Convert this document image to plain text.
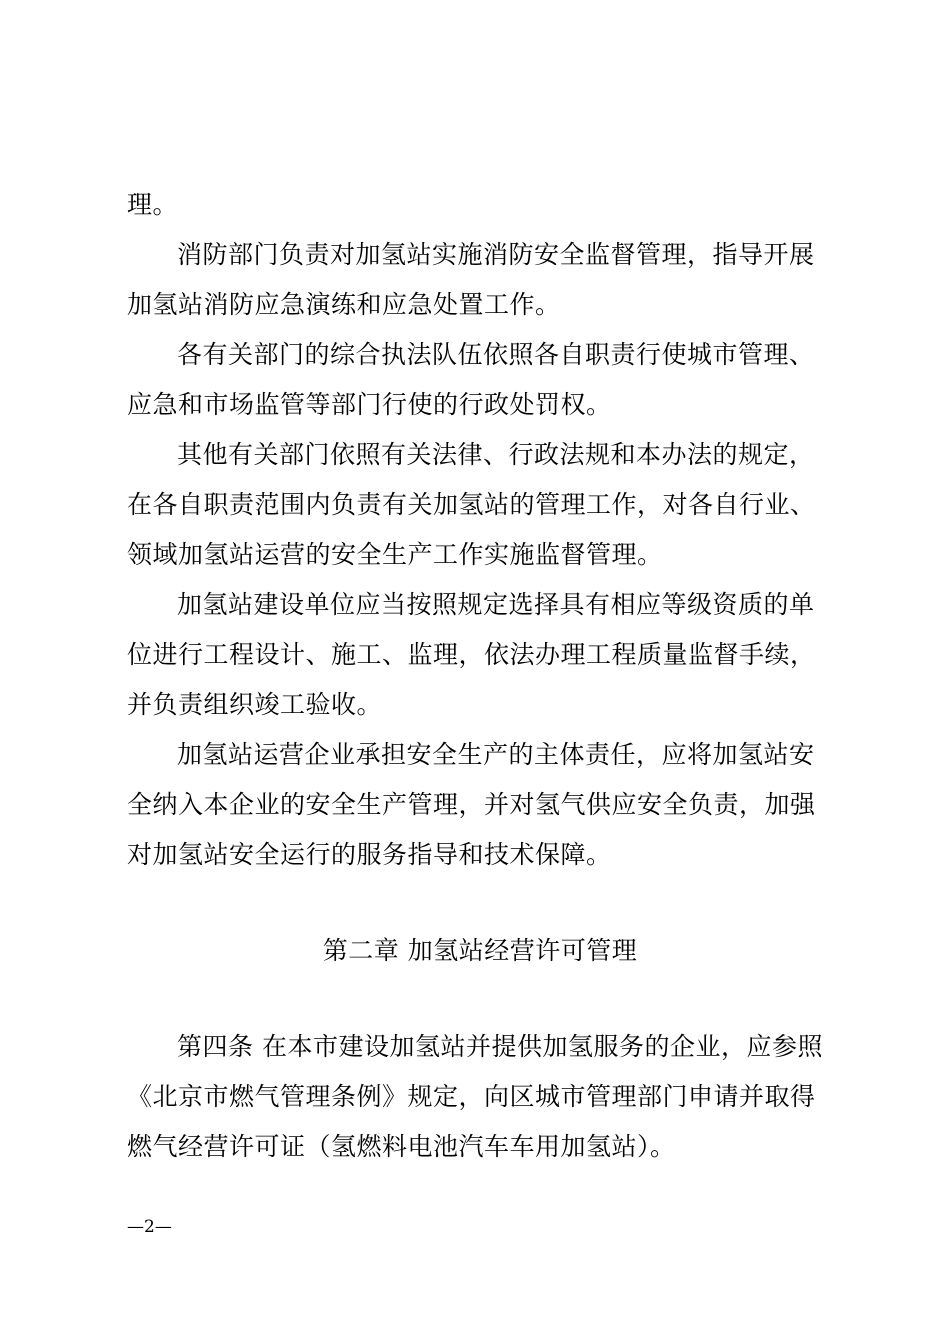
理。
消防部门负责对加氢站实施消防安全监督管理，指导开展
加氢站消防应急演练和应急处置工作。
各有关部门的综合执法队伍依照各自职责行使城市管理、
应急和市场监管等部门行使的行政处罚权。
其他有关部门依照有关法律、行政法规和本办法的规定，
在各自职责范围内负责有关加氢站的管理工作，对各自行业、
领域加氢站运营的安全生产工作实施监督管理。
加氢站建设单位应当按照规定选择具有相应等级资质的单
位进行工程设计、施工、监理，依法办理工程质量监督手续，
并负责组织竣工验收。
加氢站运营企业承担安全生产的主体责任，应将加氢站安
全纳入本企业的安全生产管理，并对氢气供应安全负责，加强
对加氢站安全运行的服务指导和技术保障。
第二章 加氢站经营许可管理
第四条 在本市建设加氢站并提供加氢服务的企业，应参照
《北京市燃气管理条例》规定，向区城市管理部门申请并取得
燃气经营许可证（氢燃料电池汽车车用加氢站）。
—2—
